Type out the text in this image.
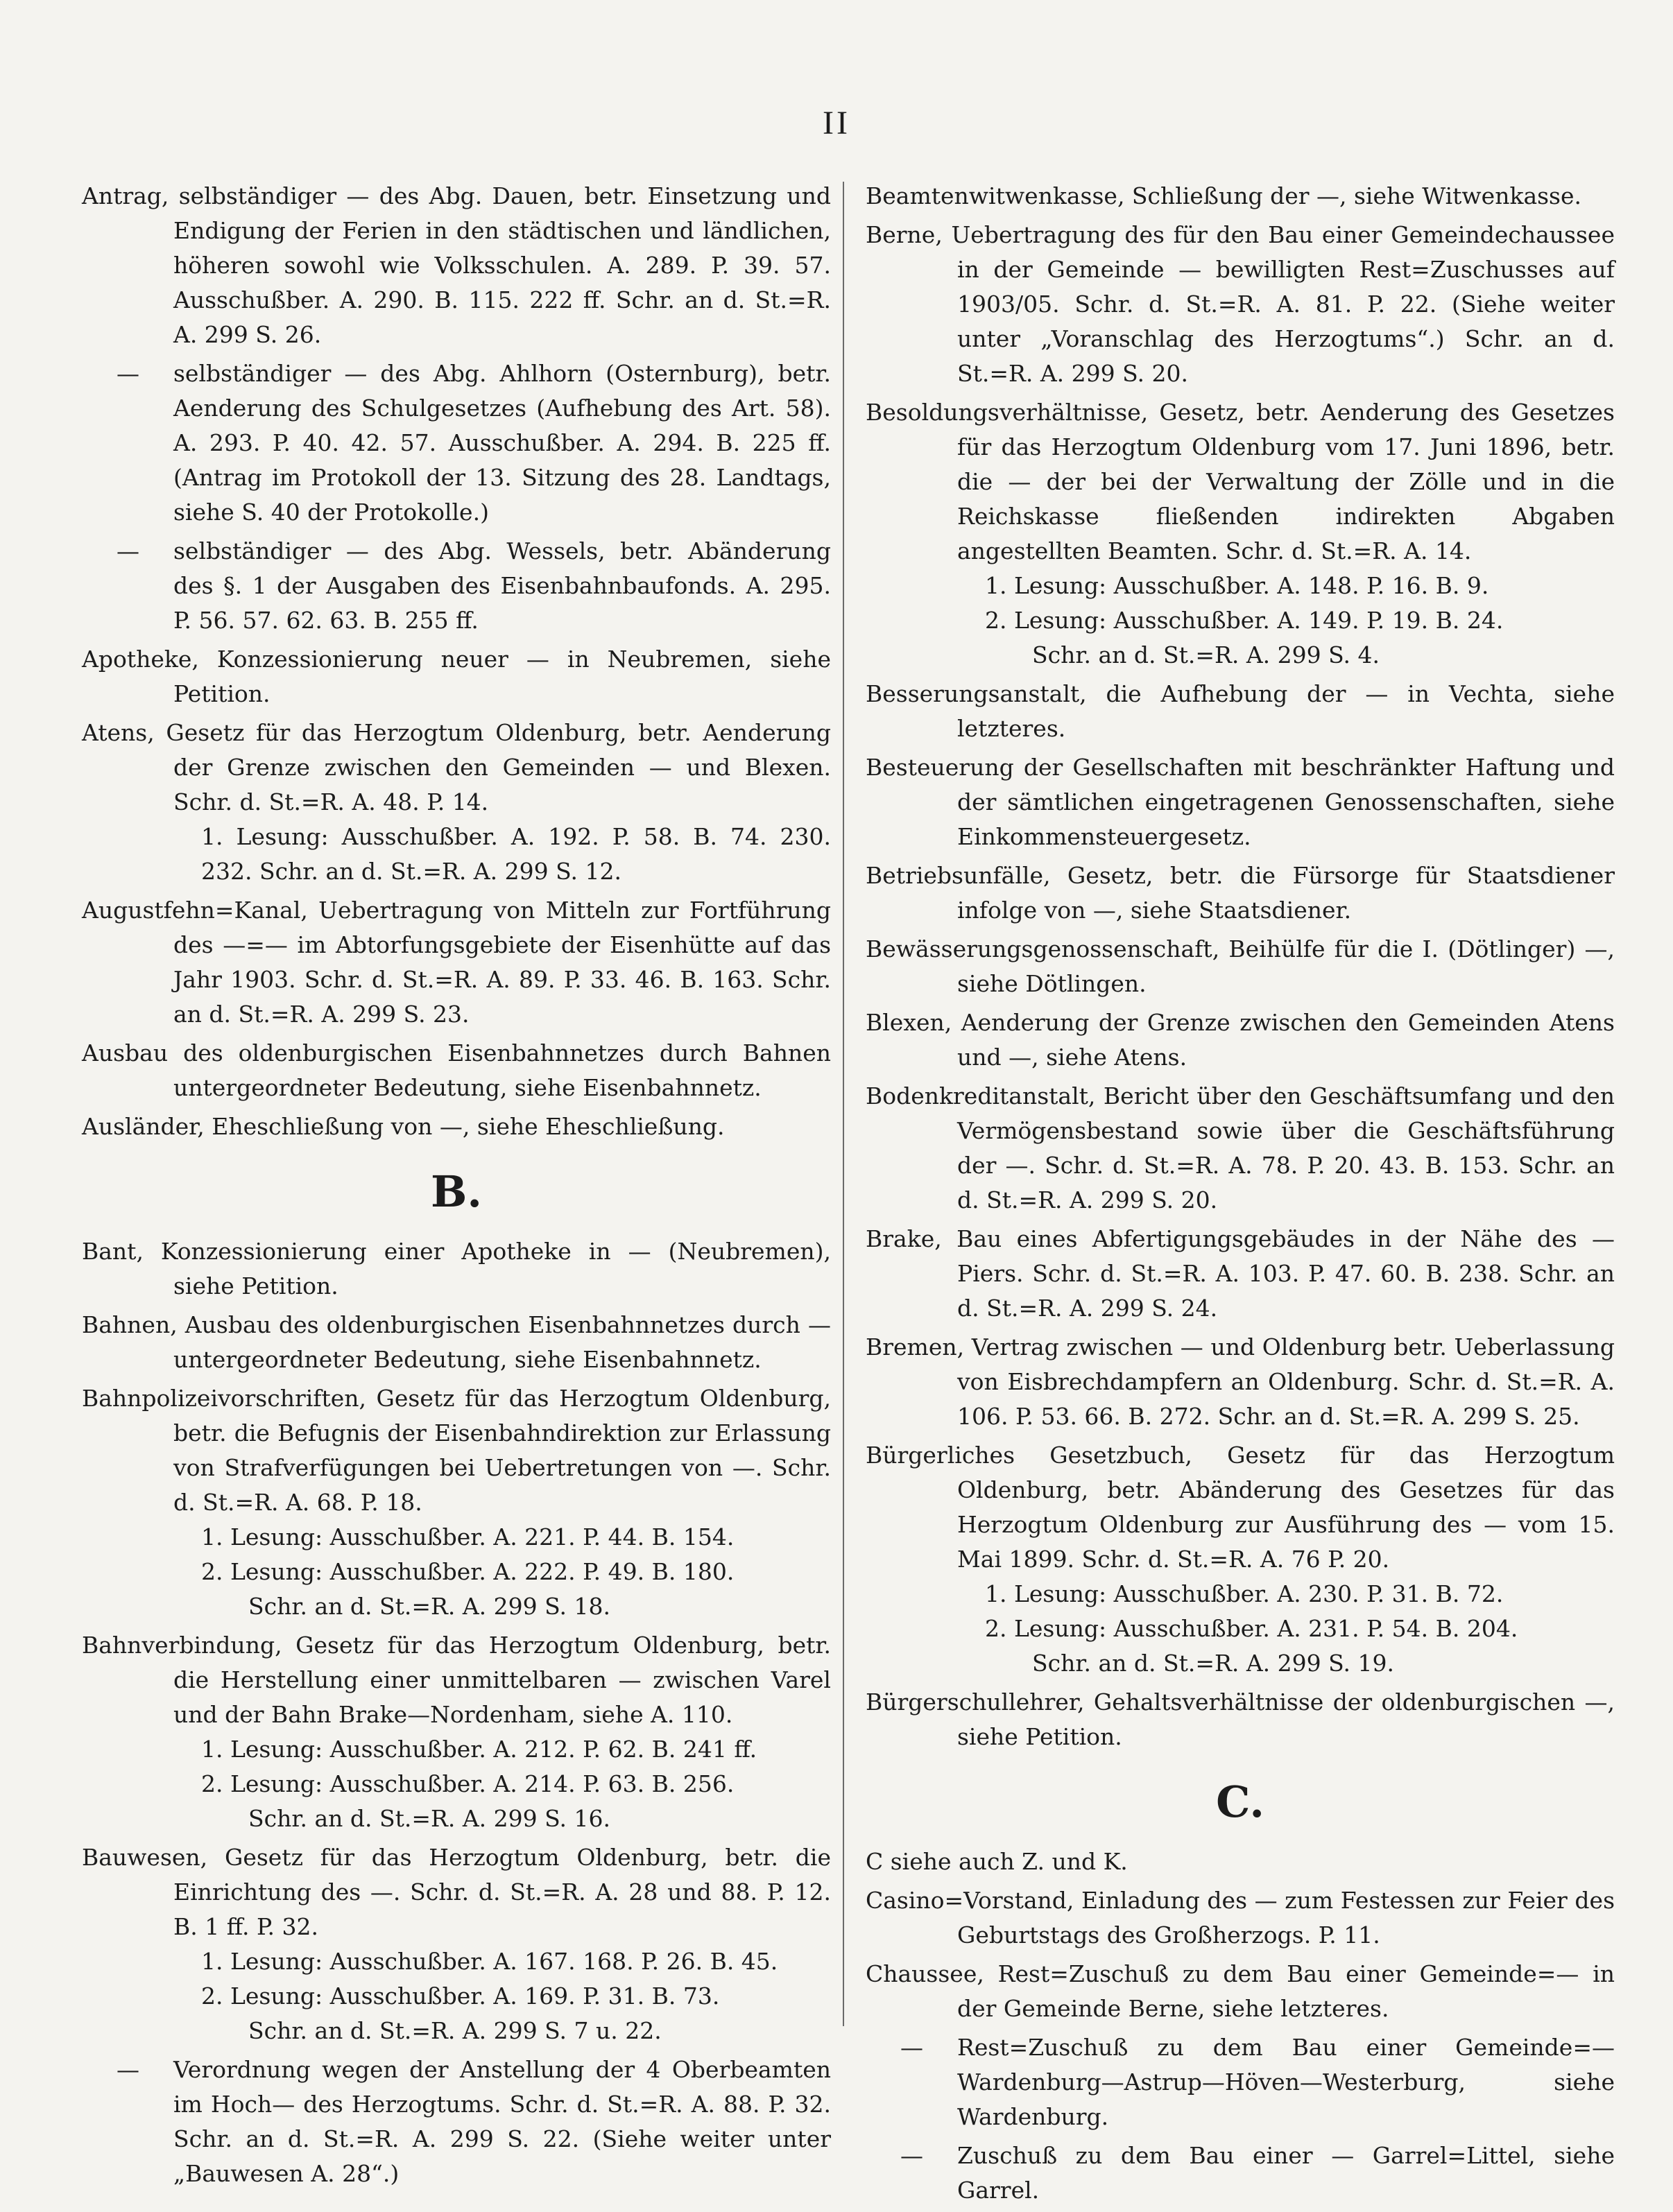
II
Antrag, selbständiger — des Abg. Dauen, betr. Einsetzung und Endigung der Ferien in den städtischen und ländlichen, höheren sowohl wie Volksschulen. A. 289. P. 39. 57. Ausschußber. A. 290. B. 115. 222 ff. Schr. an d. St.=R. A. 299 S. 26.
— selbständiger — des Abg. Ahlhorn (Osternburg), betr. Aenderung des Schulgesetzes (Aufhebung des Art. 58). A. 293. P. 40. 42. 57. Ausschußber. A. 294. B. 225 ff. (Antrag im Protokoll der 13. Sitzung des 28. Landtags, siehe S. 40 der Protokolle.)
— selbständiger — des Abg. Wessels, betr. Abänderung des §. 1 der Ausgaben des Eisenbahnbaufonds. A. 295. P. 56. 57. 62. 63. B. 255 ff.
Apotheke, Konzessionierung neuer — in Neubremen, siehe Petition.
Atens, Gesetz für das Herzogtum Oldenburg, betr. Aenderung der Grenze zwischen den Gemeinden — und Blexen. Schr. d. St.=R. A. 48. P. 14.
1. Lesung: Ausschußber. A. 192. P. 58. B. 74. 230. 232. Schr. an d. St.=R. A. 299 S. 12.
Augustfehn=Kanal, Uebertragung von Mitteln zur Fortführung des —=— im Abtorfungsgebiete der Eisenhütte auf das Jahr 1903. Schr. d. St.=R. A. 89. P. 33. 46. B. 163. Schr. an d. St.=R. A. 299 S. 23.
Ausbau des oldenburgischen Eisenbahnnetzes durch Bahnen untergeordneter Bedeutung, siehe Eisenbahnnetz.
Ausländer, Eheschließung von —, siehe Eheschließung.
B.
Bant, Konzessionierung einer Apotheke in — (Neubremen), siehe Petition.
Bahnen, Ausbau des oldenburgischen Eisenbahnnetzes durch — untergeordneter Bedeutung, siehe Eisenbahnnetz.
Bahnpolizeivorschriften, Gesetz für das Herzogtum Oldenburg, betr. die Befugnis der Eisenbahndirektion zur Erlassung von Strafverfügungen bei Uebertretungen von —. Schr. d. St.=R. A. 68. P. 18.
1. Lesung: Ausschußber. A. 221. P. 44. B. 154.
2. Lesung: Ausschußber. A. 222. P. 49. B. 180.
Schr. an d. St.=R. A. 299 S. 18.
Bahnverbindung, Gesetz für das Herzogtum Oldenburg, betr. die Herstellung einer unmittelbaren — zwischen Varel und der Bahn Brake—Nordenham, siehe A. 110.
1. Lesung: Ausschußber. A. 212. P. 62. B. 241 ff.
2. Lesung: Ausschußber. A. 214. P. 63. B. 256.
Schr. an d. St.=R. A. 299 S. 16.
Bauwesen, Gesetz für das Herzogtum Oldenburg, betr. die Einrichtung des —. Schr. d. St.=R. A. 28 und 88. P. 12. B. 1 ff. P. 32.
1. Lesung: Ausschußber. A. 167. 168. P. 26. B. 45.
2. Lesung: Ausschußber. A. 169. P. 31. B. 73.
Schr. an d. St.=R. A. 299 S. 7 u. 22.
— Verordnung wegen der Anstellung der 4 Oberbeamten im Hoch— des Herzogtums. Schr. d. St.=R. A. 88. P. 32. Schr. an d. St.=R. A. 299 S. 22. (Siehe weiter unter „Bauwesen A. 28“.)
Beamtenwitwenkasse, Schließung der —, siehe Witwenkasse.
Berne, Uebertragung des für den Bau einer Gemeindechaussee in der Gemeinde — bewilligten Rest=Zuschusses auf 1903/05. Schr. d. St.=R. A. 81. P. 22. (Siehe weiter unter „Voranschlag des Herzogtums“.) Schr. an d. St.=R. A. 299 S. 20.
Besoldungsverhältnisse, Gesetz, betr. Aenderung des Gesetzes für das Herzogtum Oldenburg vom 17. Juni 1896, betr. die — der bei der Verwaltung der Zölle und in die Reichskasse fließenden indirekten Abgaben angestellten Beamten. Schr. d. St.=R. A. 14.
1. Lesung: Ausschußber. A. 148. P. 16. B. 9.
2. Lesung: Ausschußber. A. 149. P. 19. B. 24.
Schr. an d. St.=R. A. 299 S. 4.
Besserungsanstalt, die Aufhebung der — in Vechta, siehe letzteres.
Besteuerung der Gesellschaften mit beschränkter Haftung und der sämtlichen eingetragenen Genossenschaften, siehe Einkommensteuergesetz.
Betriebsunfälle, Gesetz, betr. die Fürsorge für Staatsdiener infolge von —, siehe Staatsdiener.
Bewässerungsgenossenschaft, Beihülfe für die I. (Dötlinger) —, siehe Dötlingen.
Blexen, Aenderung der Grenze zwischen den Gemeinden Atens und —, siehe Atens.
Bodenkreditanstalt, Bericht über den Geschäftsumfang und den Vermögensbestand sowie über die Geschäftsführung der —. Schr. d. St.=R. A. 78. P. 20. 43. B. 153. Schr. an d. St.=R. A. 299 S. 20.
Brake, Bau eines Abfertigungsgebäudes in der Nähe des —Piers. Schr. d. St.=R. A. 103. P. 47. 60. B. 238. Schr. an d. St.=R. A. 299 S. 24.
Bremen, Vertrag zwischen — und Oldenburg betr. Ueberlassung von Eisbrechdampfern an Oldenburg. Schr. d. St.=R. A. 106. P. 53. 66. B. 272. Schr. an d. St.=R. A. 299 S. 25.
Bürgerliches Gesetzbuch, Gesetz für das Herzogtum Oldenburg, betr. Abänderung des Gesetzes für das Herzogtum Oldenburg zur Ausführung des — vom 15. Mai 1899. Schr. d. St.=R. A. 76 P. 20.
1. Lesung: Ausschußber. A. 230. P. 31. B. 72.
2. Lesung: Ausschußber. A. 231. P. 54. B. 204.
Schr. an d. St.=R. A. 299 S. 19.
Bürgerschullehrer, Gehaltsverhältnisse der oldenburgischen —, siehe Petition.
C.
C siehe auch Z. und K.
Casino=Vorstand, Einladung des — zum Festessen zur Feier des Geburtstags des Großherzogs. P. 11.
Chaussee, Rest=Zuschuß zu dem Bau einer Gemeinde=— in der Gemeinde Berne, siehe letzteres.
— Rest=Zuschuß zu dem Bau einer Gemeinde=— Wardenburg—Astrup—Höven—Westerburg, siehe Wardenburg.
— Zuschuß zu dem Bau einer — Garrel=Littel, siehe Garrel.
